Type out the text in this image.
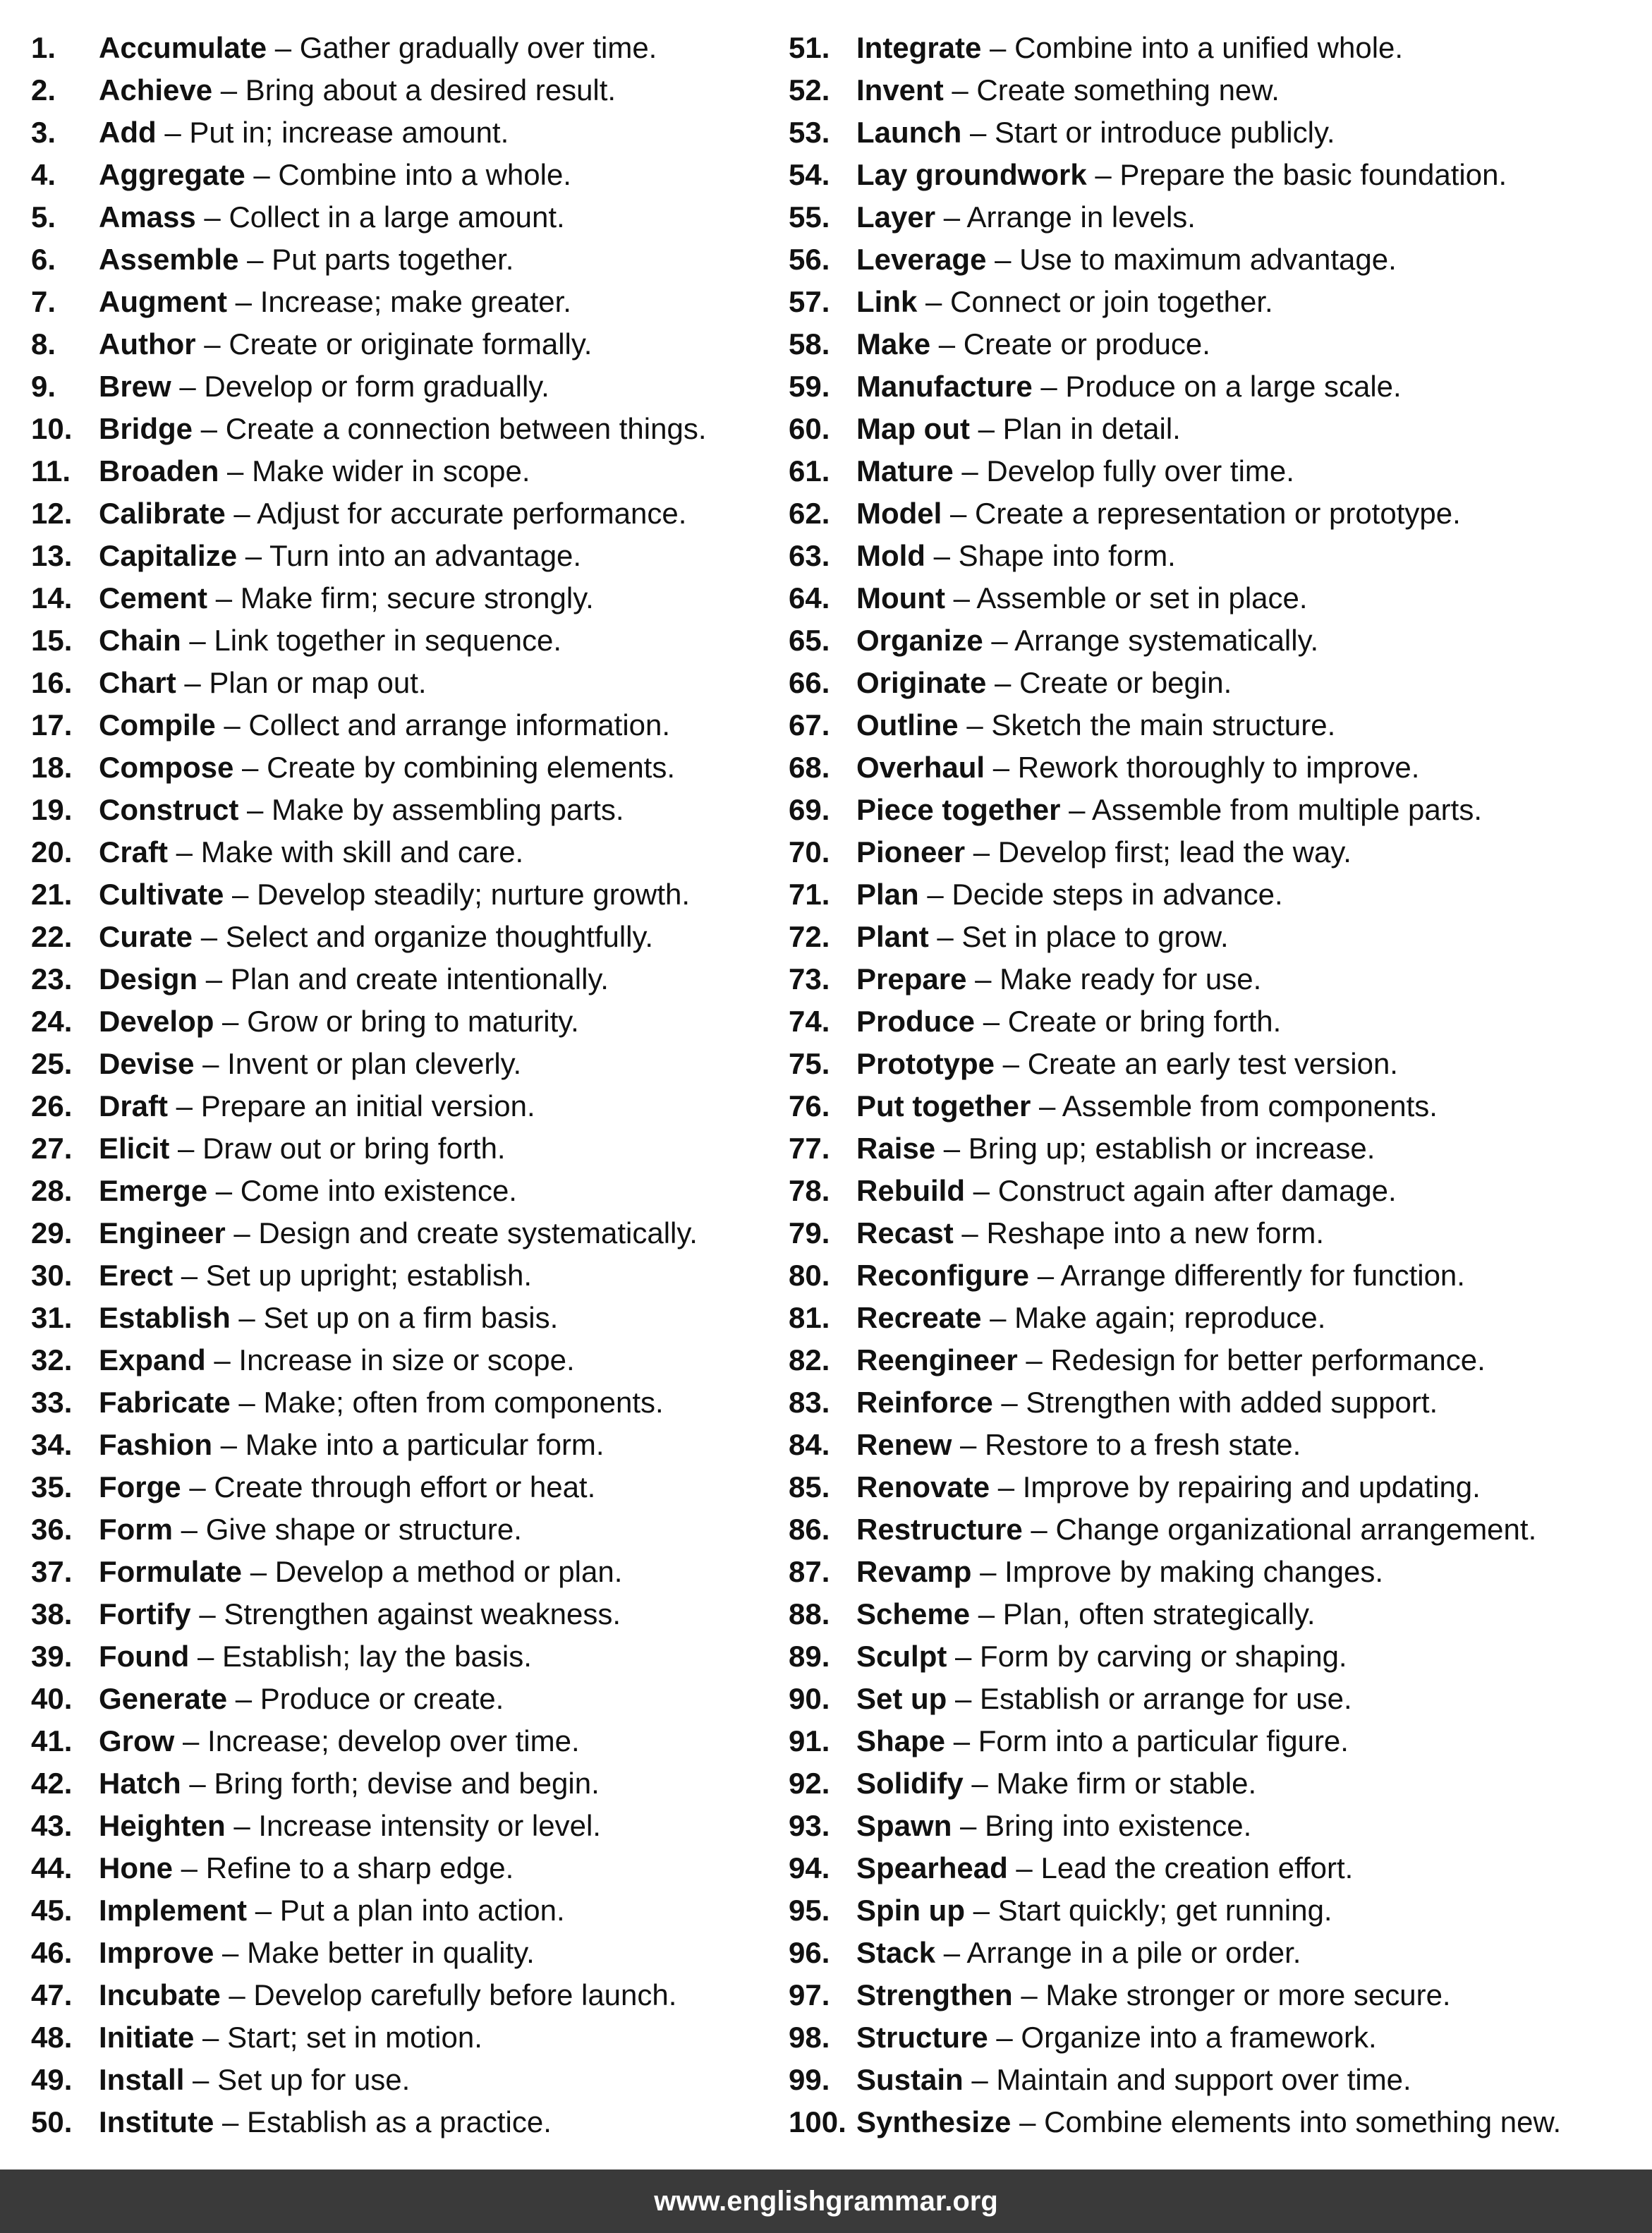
1.	Accumulate – Gather gradually over time.
2.	Achieve – Bring about a desired result.
3.	Add – Put in; increase amount.
4.	Aggregate – Combine into a whole.
5.	Amass – Collect in a large amount.
6.	Assemble – Put parts together.
7.	Augment – Increase; make greater.
8.	Author – Create or originate formally.
9.	Brew – Develop or form gradually.
10. Bridge – Create a connection between things.
11. Broaden – Make wider in scope.
12. Calibrate – Adjust for accurate performance.
13. Capitalize – Turn into an advantage.
14. Cement – Make firm; secure strongly.
15. Chain – Link together in sequence.
16. Chart – Plan or map out.
17. Compile – Collect and arrange information.
18. Compose – Create by combining elements.
19. Construct – Make by assembling parts.
20. Craft – Make with skill and care.
21. Cultivate – Develop steadily; nurture growth.
22. Curate – Select and organize thoughtfully.
23. Design – Plan and create intentionally.
24. Develop – Grow or bring to maturity.
25. Devise – Invent or plan cleverly.
26. Draft – Prepare an initial version.
27. Elicit – Draw out or bring forth.
28. Emerge – Come into existence.
29. Engineer – Design and create systematically.
30. Erect – Set up upright; establish.
31. Establish – Set up on a firm basis.
32. Expand – Increase in size or scope.
33. Fabricate – Make; often from components.
34. Fashion – Make into a particular form.
35. Forge – Create through effort or heat.
36. Form – Give shape or structure.
37. Formulate – Develop a method or plan.
38. Fortify – Strengthen against weakness.
39. Found – Establish; lay the basis.
40. Generate – Produce or create.
41. Grow – Increase; develop over time.
42. Hatch – Bring forth; devise and begin.
43. Heighten – Increase intensity or level.
44. Hone – Refine to a sharp edge.
45. Implement – Put a plan into action.
46. Improve – Make better in quality.
47. Incubate – Develop carefully before launch.
48. Initiate – Start; set in motion.
49. Install – Set up for use.
50. Institute – Establish as a practice.
51. Integrate – Combine into a unified whole.
52. Invent – Create something new.
53. Launch – Start or introduce publicly.
54. Lay groundwork – Prepare the basic foundation.
55. Layer – Arrange in levels.
56. Leverage – Use to maximum advantage.
57. Link – Connect or join together.
58. Make – Create or produce.
59. Manufacture – Produce on a large scale.
60. Map out – Plan in detail.
61. Mature – Develop fully over time.
62. Model – Create a representation or prototype.
63. Mold – Shape into form.
64. Mount – Assemble or set in place.
65. Organize – Arrange systematically.
66. Originate – Create or begin.
67. Outline – Sketch the main structure.
68. Overhaul – Rework thoroughly to improve.
69. Piece together – Assemble from multiple parts.
70. Pioneer – Develop first; lead the way.
71. Plan – Decide steps in advance.
72. Plant – Set in place to grow.
73. Prepare – Make ready for use.
74. Produce – Create or bring forth.
75. Prototype – Create an early test version.
76. Put together – Assemble from components.
77. Raise – Bring up; establish or increase.
78. Rebuild – Construct again after damage.
79. Recast – Reshape into a new form.
80. Reconfigure – Arrange differently for function.
81. Recreate – Make again; reproduce.
82. Reengineer – Redesign for better performance.
83. Reinforce – Strengthen with added support.
84. Renew – Restore to a fresh state.
85. Renovate – Improve by repairing and updating.
86. Restructure – Change organizational arrangement.
87. Revamp – Improve by making changes.
88. Scheme – Plan, often strategically.
89. Sculpt – Form by carving or shaping.
90. Set up – Establish or arrange for use.
91. Shape – Form into a particular figure.
92. Solidify – Make firm or stable.
93. Spawn – Bring into existence.
94. Spearhead – Lead the creation effort.
95. Spin up – Start quickly; get running.
96. Stack – Arrange in a pile or order.
97. Strengthen – Make stronger or more secure.
98. Structure – Organize into a framework.
99. Sustain – Maintain and support over time.
100. Synthesize – Combine elements into something new.
www.englishgrammar.org
